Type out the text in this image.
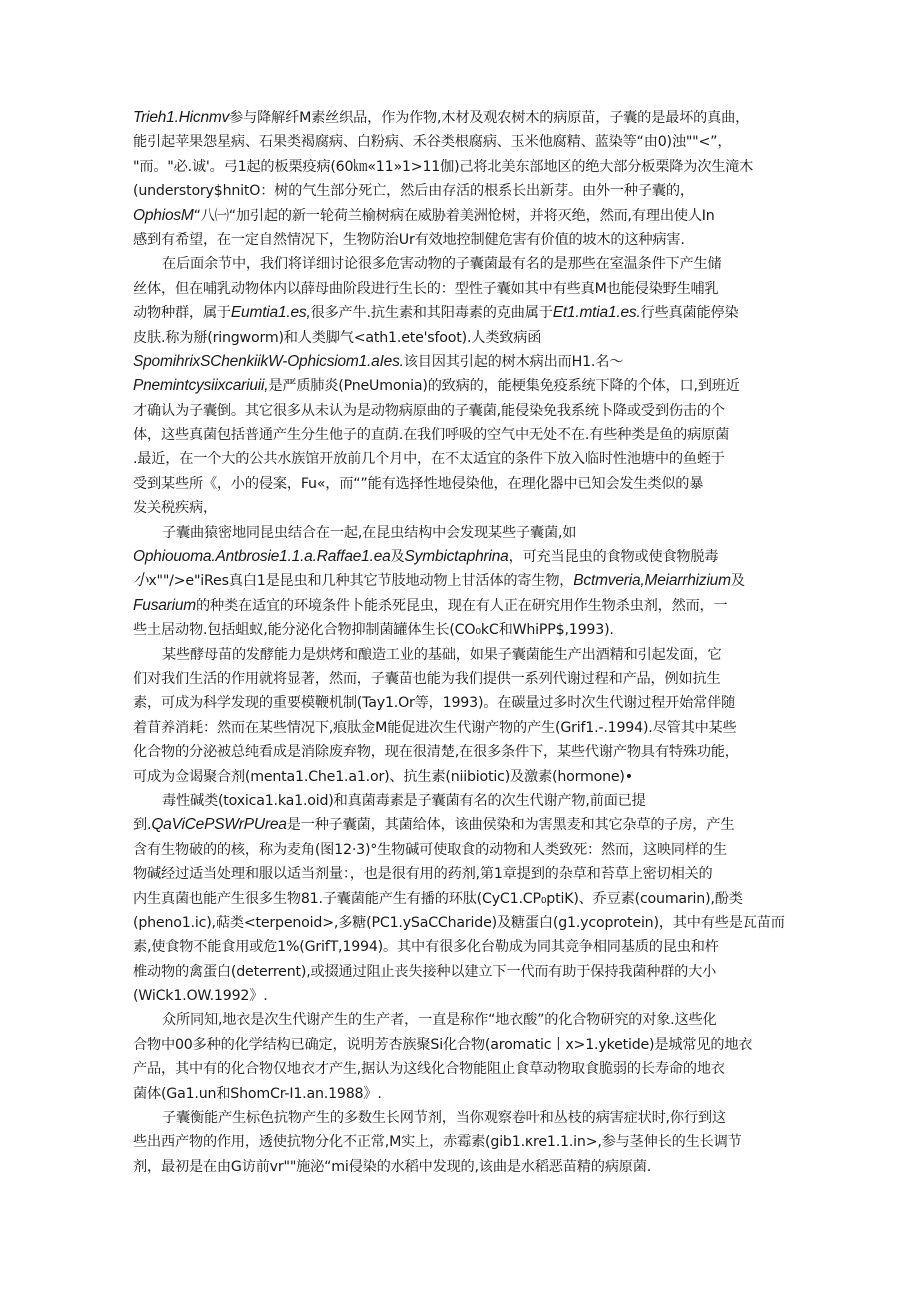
Trieh1.Hicnmv参与降解纤M素丝织品，作为作物,木材及观农树木的病原苗，子囊的是最坏的真曲，
能引起苹果怨星病、石果类褐腐病、白粉病、禾谷类根腐病、玉米他腐精、蓝染等“由0)浊""<”，
"而。"必.诚'。弓1起的板栗疫病(60㎞«11»1>11伽)己将北美东部地区的绝大部分板栗降为次生滝木
(understory$hnitO：树的气生部分死亡，然后由存活的根系长出新芽。由外一种子囊的，
OphiosM“八㈠“加引起的新一轮荷兰榆树病在威胁着美洲怆树，并将灭绝，然而,有理出使人In
感到有希望，在一定自然情况下，生物防治Ur有效地控制健危害有价值的坡木的这种病害.
在后面余节中，我们将详细讨论很多危害动物的子囊菌最有名的是那些在室温条件下产生储
丝体，但在哺乳动物体内以薛母曲阶段进行生长的：型性子囊如其中有些真M也能侵染野生哺乳
动物种群，属于Eumtia1.es,很多产牛.抗生素和其阳毒素的克曲属于Et1.mtia1.es.行些真菌能停染
皮肤.称为掰(ringworm)和人类脚气<ath1.ete'sfoot).人类致病函
SpomihrixSChenkiikW-Ophicsiom1.aIes.该目因其引起的树木病出而H1.名〜
Pnemintcysiixcariuii,是严质肺炎(PneUmonia)的致病的，能梗集免疫系统下降的个体，口,到班近
才确认为子囊倒。其它很多从未认为是动物病原曲的子囊菌,能侵染免我系统卜降或受到伤击的个
体，这些真菌包括普通产生分生他子的直荫.在我们呼吸的空气中无处不在.有些种类是鱼的病原菌
.最近，在一个大的公共水族馆开放前几个月中，在不太适宜的条件下放入临时性池塘中的鱼蛭于
受到某些所《，小的侵案，Fu«，而“”能有选择性地侵染他，在理化器中已知会发生类似的暴
发关税疾病，
子囊曲猿密地同昆虫结合在一起,在昆虫结构中会发现某些子囊菌,如
Ophiouoma.Antbrosie1.1.a.Raffae1.ea及Symbictaphrina，可充当昆虫的食物或使食物脱毒
小x""/>e"iRes真白1是昆虫和几种其它节肢地动物上甘活体的寄生物，Bctmveria,Meiarrhizium及
Fusarium的种类在适宜的环境条件卜能杀死昆虫，现在有人正在研究用作生物杀虫剂，然而，一
些土居动物.包括蛆蚁,能分泌化合物抑制菌罐体生长(CO₀kC和WhiPP$,1993).
某些酵母苗的发酵能力是烘烤和酿造工业的基础，如果子囊菌能生产出酒精和引起发面，它
们对我们生活的作用就将显著，然而，子囊苗也能为我们提供一系列代谢过程和产品，例如抗生
素，可成为科学发现的重要模鞭机制(Tay1.Or等，1993)。在碳量过多时次生代谢过程开始常伴随
着苜养消耗：然而在某些情况下,痕肽金M能促进次生代谢产物的产生(Grif1.-.1994).尽管其中某些
化合物的分泌被总纯看成是消除废弃物，现在很清楚,在很多条件下，某些代谢产物具有特殊功能，
可成为佥谒聚合剂(menta1.Che1.a1.or)、抗生素(niibiotic)及激素(hormone)•
毒性碱类(toxica1.ka1.oid)和真菌毒素是子囊菌有名的次生代谢产物,前面已提
到.QaViCePSWrPUrea是一种子囊菌，其菌给体，该曲侯染和为害黑麦和其它杂草的子房，产生
含有生物破的的核，称为麦角(图12·3)°生物碱可使取食的动物和人类致死：然而，这映同样的生
物碱经过适当处理和服以适当剂量：，也是很有用的药剂,第1章提到的杂草和苔草上密切相关的
内生真菌也能产生很多生物81.子囊菌能产生有播的环肽(CyC1.CP₀ptiK)、乔豆素(coumarin),酚类
(pheno1.ic),萜类<terpenoid>,多糖(PC1.ySaCCharide)及糖蛋白(g1.ycoprotein)，其中有些是瓦苗而
素,使食物不能食用或危1%(GrifT,1994)。其中有很多化台勒成为同其竞争相同基质的昆虫和杵
椎动物的禽蛋白(deterrent),或掇通过阻止丧失接种以建立下一代而有助于保持我菌种群的大小
(WiCk1.OW.1992》.
众所同知,地衣是次生代谢产生的生产者，一直是称作“地衣酸”的化合物研究的对象.这些化
合物中00多种的化学结构已确定，说明芳杏族聚Si化合物(aromatic丨x>1.yketide)是城常见的地衣
产品，其中有的化合物仅地衣才产生,据认为这线化合物能阻止食草动物取食脆弱的长寿命的地衣
菌体(Ga1.un和ShomCr-I1.an.1988》.
子囊衡能产生标色抗物产生的多数生长网节剂，当你观察卷叶和丛枝的病害症状时,你行到这
些出西产物的作用，透使抗物分化不正常,M实上，赤霉素(gib1.κre1.1.in>,参与茎伸长的生长调节
剂，最初是在由G访前vr""施泌“mi侵染的水稻中发现的,该曲是水稻恶苗精的病原菌.
